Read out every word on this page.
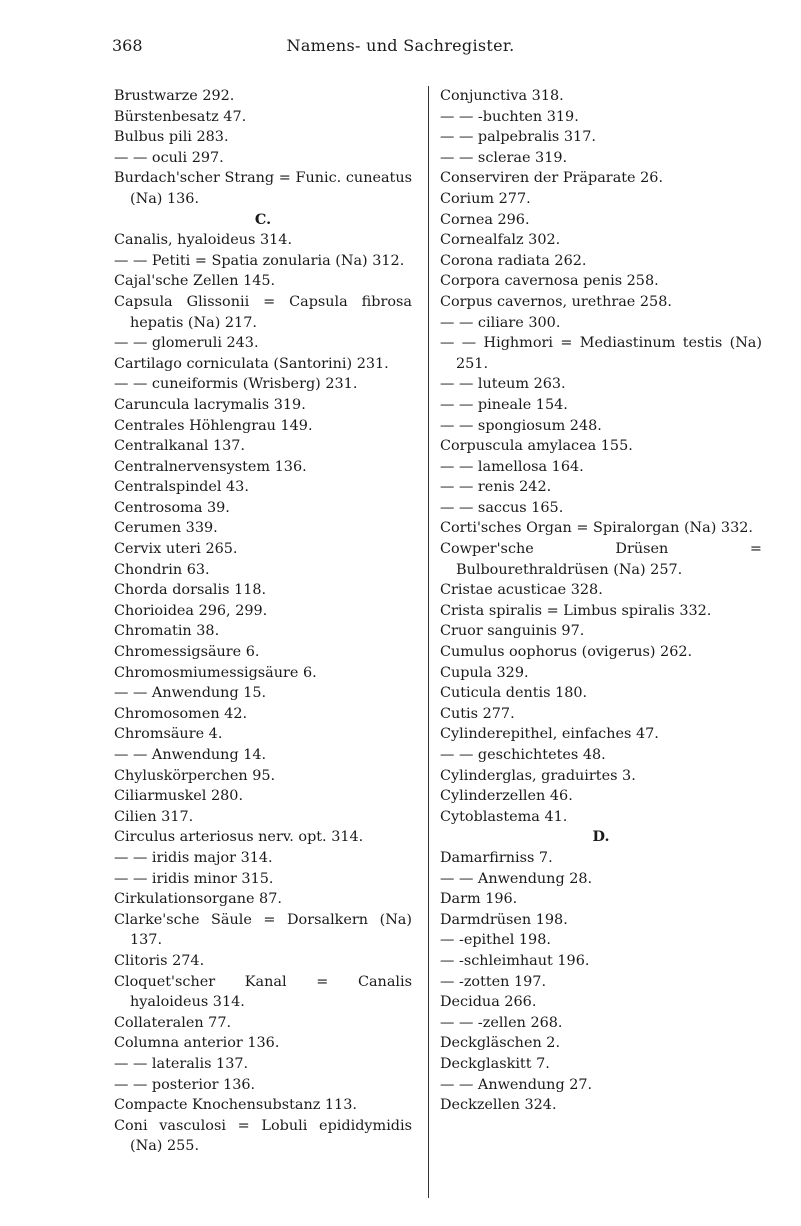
368	Namens- und Sachregister.
Brustwarze 292.
Bürstenbesatz 47.
Bulbus pili 283.
— — oculi 297.
Burdach'scher Strang = Funic. cuneatus (Na) 136.
C.
Canalis, hyaloideus 314.
— — Petiti = Spatia zonularia (Na) 312.
Cajal'sche Zellen 145.
Capsula Glissonii = Capsula fibrosa hepatis (Na) 217.
— — glomeruli 243.
Cartilago corniculata (Santorini) 231.
— — cuneiformis (Wrisberg) 231.
Caruncula lacrymalis 319.
Centrales Höhlengrau 149.
Centralkanal 137.
Centralnervensystem 136.
Centralspindel 43.
Centrosoma 39.
Cerumen 339.
Cervix uteri 265.
Chondrin 63.
Chorda dorsalis 118.
Chorioidea 296, 299.
Chromatin 38.
Chromessigsäure 6.
Chromosmiumessigsäure 6.
— — Anwendung 15.
Chromosomen 42.
Chromsäure 4.
— — Anwendung 14.
Chyluskörperchen 95.
Ciliarmuskel 280.
Cilien 317.
Circulus arteriosus nerv. opt. 314.
— — iridis major 314.
— — iridis minor 315.
Cirkulationsorgane 87.
Clarke'sche Säule = Dorsalkern (Na) 137.
Clitoris 274.
Cloquet'scher Kanal = Canalis hyaloideus 314.
Collateralen 77.
Columna anterior 136.
— — lateralis 137.
— — posterior 136.
Compacte Knochensubstanz 113.
Coni vasculosi = Lobuli epididymidis (Na) 255.
Conjunctiva 318.
— — -buchten 319.
— — palpebralis 317.
— — sclerae 319.
Conserviren der Präparate 26.
Corium 277.
Cornea 296.
Cornealfalz 302.
Corona radiata 262.
Corpora cavernosa penis 258.
Corpus cavernos, urethrae 258.
— — ciliare 300.
— — Highmori = Mediastinum testis (Na) 251.
— — luteum 263.
— — pineale 154.
— — spongiosum 248.
Corpuscula amylacea 155.
— — lamellosa 164.
— — renis 242.
— — saccus 165.
Corti'sches Organ = Spiralorgan (Na) 332.
Cowper'sche Drüsen = Bulbourethraldrüsen (Na) 257.
Cristae acusticae 328.
Crista spiralis = Limbus spiralis 332.
Cruor sanguinis 97.
Cumulus oophorus (ovigerus) 262.
Cupula 329.
Cuticula dentis 180.
Cutis 277.
Cylinderepithel, einfaches 47.
— — geschichtetes 48.
Cylinderglas, graduirtes 3.
Cylinderzellen 46.
Cytoblastema 41.
D.
Damarfirniss 7.
— — Anwendung 28.
Darm 196.
Darmdrüsen 198.
— -epithel 198.
— -schleimhaut 196.
— -zotten 197.
Decidua 266.
— — -zellen 268.
Deckgläschen 2.
Deckglaskitt 7.
— — Anwendung 27.
Deckzellen 324.
